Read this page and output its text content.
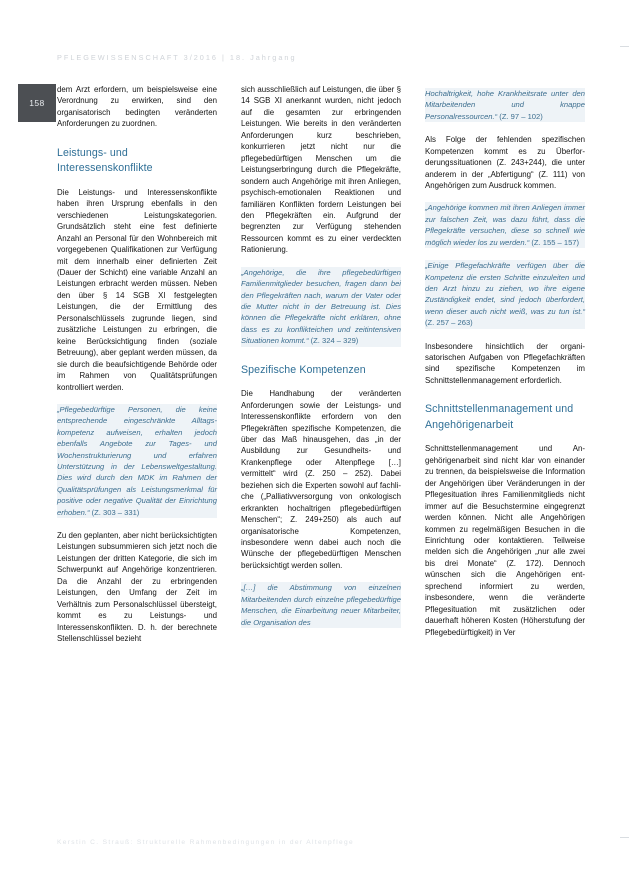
PFLEGEWISSENSCHAFT 3/2016 | 18. Jahrgang
158

dem Arzt erfordern, um beispielsweise eine Verordnung zu erwirken, sind den organisatorisch bedingten veränderten Anforderungen zu zuordnen.

Leistungs- und Interessenskonflikte

Die Leistungs- und Interessenskonflikte haben ihren Ursprung ebenfalls in den verschiedenen Leistungskategorien. Grundsätzlich steht eine fest definierte Anzahl an Personal für den Wohnbereich mit vorgegebenen Qualifikationen zur Verfügung mit dem innerhalb einer definierten Zeit (Dauer der Schicht) eine variable Anzahl an Leistungen erbracht werden müssen. Neben den über § 14 SGB XI festgelegten Leistungen, die der Ermittlung des Personalschlüssels zugrunde liegen, sind zusätzliche Leistungen zu erbringen, die keine Berücksichtigung finden (soziale Betreuung), aber geplant werden müssen, da sie durch die beaufsichtigende Behörde oder im Rahmen von Qualitätsprüfungen kontrolliert werden.

„Pflegebedürftige Personen, die keine entsprechende eingeschränkte Alltagskompetenz aufweisen, erhalten jedoch ebenfalls Angebote zur Tages- und Wochenstrukturierung und erfahren Unterstützung in der Lebensweltgestaltung. Dies wird durch den MDK im Rahmen der Qualitätsprüfungen als Leistungsmerkmal für positive oder negative Qualität der Einrichtung erhoben.“ (Z. 303 – 331)

Zu den geplanten, aber nicht berücksichtigten Leistungen subsummieren sich jetzt noch die Leistungen der dritten Kategorie, die sich im Schwerpunkt auf Angehörige konzentrieren. Da die Anzahl der zu erbringenden Leistungen, den Umfang der Zeit im Verhältnis zum Personalschlüssel übersteigt, kommt es zu Leistungs- und Interessenskonflikten. D. h. der berechnete Stellenschlüssel bezieht

sich ausschließlich auf Leistungen, die über § 14 SGB XI anerkannt wurden, nicht jedoch auf die gesamten zur erbringenden Leistungen. Wie bereits in den veränderten Anforderungen kurz beschrieben, konkurrieren jetzt nicht nur die pflegebedürftigen Menschen um die Leistungserbringung durch die Pflegekräfte, sondern auch Angehörige mit ihren Anliegen, psychisch-emotionalen Reaktionen und familiären Konflikten fordern Leistungen bei den Pflegekräften ein. Aufgrund der begrenzten zur Verfügung stehenden Ressourcen kommt es zu einer verdeckten Rationierung.

„Angehörige, die ihre pflegebedürftigen Familienmitglieder besuchen, fragen dann bei den Pflegekräften nach, warum der Vater oder die Mutter nicht in der Betreuung ist. Dies können die Pflegekräfte nicht erklären, ohne dass es zu konflikteichen und zeitintensiven Situationen kommt.“ (Z. 324 – 329)
Spezifische Kompetenzen

Die Handhabung der veränderten Anforderungen sowie der Leistungs- und Interessenskonflikte erfordern von den Pflegekräften spezifische Kompetenzen, die über das Maß hinausgehen, das „in der Ausbildung zur Gesundheits- und Krankenpflege oder Altenpflege […] vermittelt“ wird (Z. 250 – 252). Dabei beziehen sich die Experten sowohl auf fachliche („Palliativversorgung von onkologisch erkrankten hochaltrigen pflegebedürftigen Menschen“; Z. 249+250) als auch auf organisatorische Kompetenzen, insbesondere wenn dabei auch noch die Wünsche der pflegebedürftigen Menschen berücksichtigt werden sollen.

„[…] die Abstimmung von einzelnen Mitarbeitenden durch einzelne pflegebedürftige Menschen, die Einarbeitung neuer Mitarbeiter, die Organisation des
Hochaltrigkeit, hohe Krankheitsrate unter den Mitarbeitenden und knappe Personalressourcen.“ (Z. 97 – 102)

Als Folge der fehlenden spezifischen Kompetenzen kommt es zu Überforderungssituationen (Z. 243+244), die unter anderem in der „Abfertigung“ (Z. 111) von Angehörigen zum Ausdruck kommen.

„Angehörige kommen mit ihren Anliegen immer zur falschen Zeit, was dazu führt, dass die Pflegekräfte versuchen, diese so schnell wie möglich wieder los zu werden.“ (Z. 155 – 157)
„Einige Pflegefachkräfte verfügen über die Kompetenz die ersten Schritte einzuleiten und den Arzt hinzu zu ziehen, wo ihre eigene Zuständigkeit endet, sind jedoch überfordert, wenn dieser auch nicht weiß, was zu tun ist.“ (Z. 257 – 263)

Insbesondere hinsichtlich der organisatorischen Aufgaben von Pflegefachkräften sind spezifische Kompetenzen im Schnittstellenmanagement erforderlich.

Schnittstellenmanagement und Angehörigenarbeit

Schnittstellenmanagement und Angehörigenarbeit sind nicht klar von einander zu trennen, da beispielsweise die Information der Angehörigen über Veränderungen in der Pflegesituation ihres Familienmitglieds nicht immer auf die Besuchstermine eingegrenzt werden können. Nicht alle Angehörigen kommen zu regelmäßigen Besuchen in die Einrichtung oder kontaktieren. Teilweise melden sich die Angehörigen „nur alle zwei bis drei Monate“ (Z. 172). Dennoch wünschen sich die Angehörigen entsprechend informiert zu werden, insbesondere, wenn die veränderte Pflegesituation mit zusätzlichen oder dauerhaft höheren Kosten (Höherstufung der Pflegebedürftigkeit) in Ver

Kerstin C. Strauß: Strukturelle Rahmenbedingungen in der Altenpflege
